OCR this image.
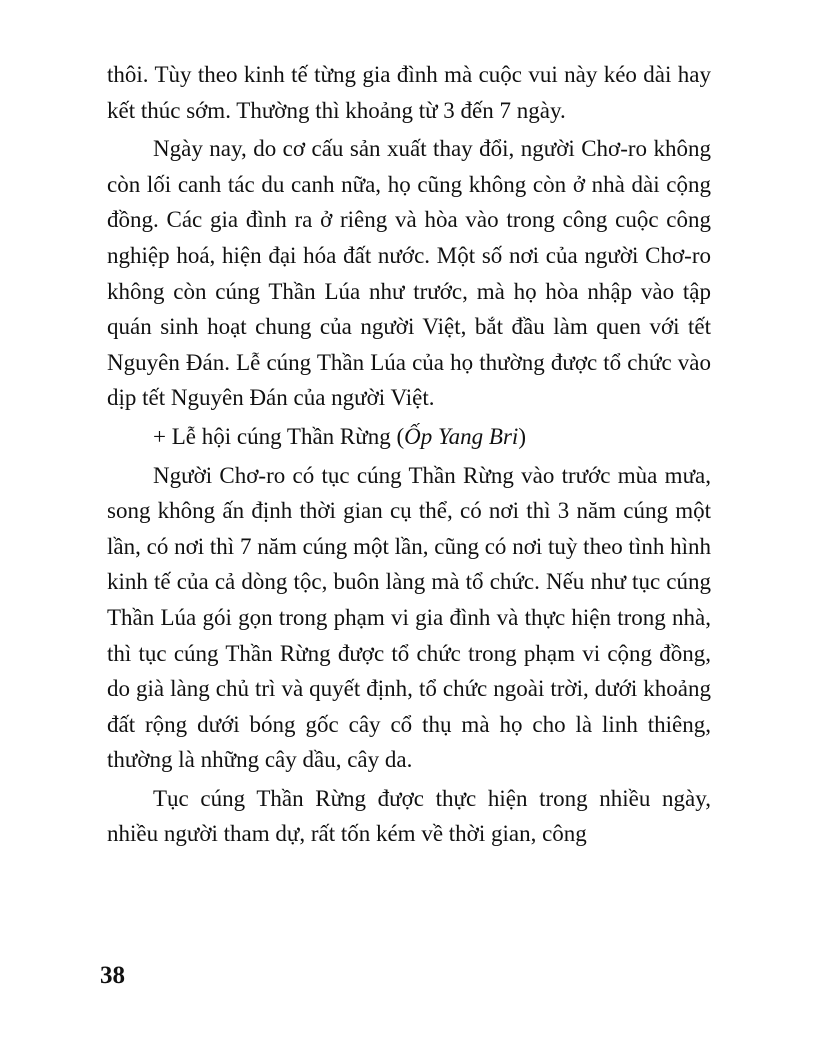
thôi. Tùy theo kinh tế từng gia đình mà cuộc vui này kéo dài hay kết thúc sớm. Thường thì khoảng từ 3 đến 7 ngày.

Ngày nay, do cơ cấu sản xuất thay đổi, người Chơ-ro không còn lối canh tác du canh nữa, họ cũng không còn ở nhà dài cộng đồng. Các gia đình ra ở riêng và hòa vào trong công cuộc công nghiệp hoá, hiện đại hóa đất nước. Một số nơi của người Chơ-ro không còn cúng Thần Lúa như trước, mà họ hòa nhập vào tập quán sinh hoạt chung của người Việt, bắt đầu làm quen với tết Nguyên Đán. Lễ cúng Thần Lúa của họ thường được tổ chức vào dịp tết Nguyên Đán của người Việt.

+ Lễ hội cúng Thần Rừng (Ốp Yang Bri)

Người Chơ-ro có tục cúng Thần Rừng vào trước mùa mưa, song không ấn định thời gian cụ thể, có nơi thì 3 năm cúng một lần, có nơi thì 7 năm cúng một lần, cũng có nơi tuỳ theo tình hình kinh tế của cả dòng tộc, buôn làng mà tổ chức. Nếu như tục cúng Thần Lúa gói gọn trong phạm vi gia đình và thực hiện trong nhà, thì tục cúng Thần Rừng được tổ chức trong phạm vi cộng đồng, do già làng chủ trì và quyết định, tổ chức ngoài trời, dưới khoảng đất rộng dưới bóng gốc cây cổ thụ mà họ cho là linh thiêng, thường là những cây dầu, cây da.

Tục cúng Thần Rừng được thực hiện trong nhiều ngày, nhiều người tham dự, rất tốn kém về thời gian, công

38
